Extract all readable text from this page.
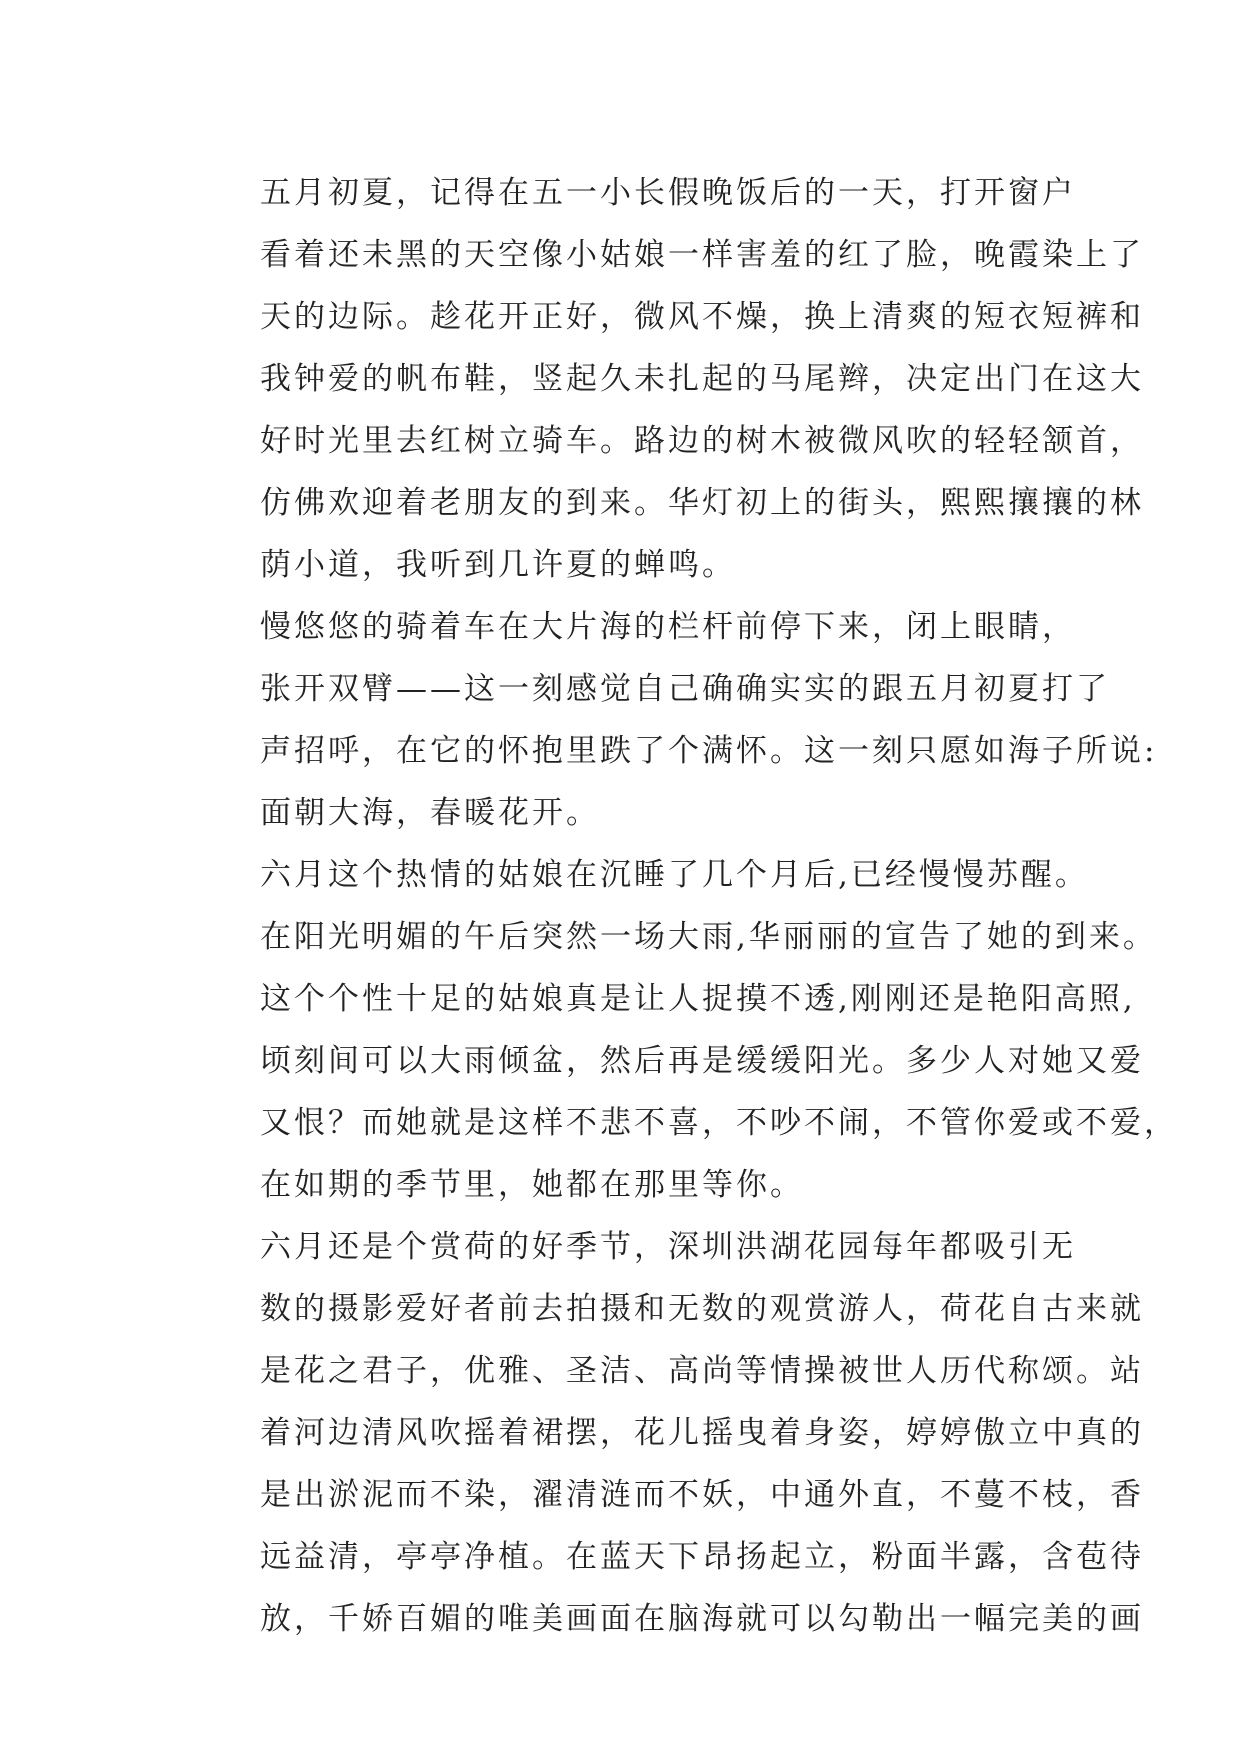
五月初夏，记得在五一小长假晚饭后的一天，打开窗户
看着还未黑的天空像小姑娘一样害羞的红了脸，晚霞染上了
天的边际。趁花开正好，微风不燥，换上清爽的短衣短裤和
我钟爱的帆布鞋，竖起久未扎起的马尾辫，决定出门在这大
好时光里去红树立骑车。路边的树木被微风吹的轻轻颔首，
仿佛欢迎着老朋友的到来。华灯初上的街头，熙熙攘攘的林
荫小道，我听到几许夏的蝉鸣。

慢悠悠的骑着车在大片海的栏杆前停下来，闭上眼睛，
张开双臂——这一刻感觉自己确确实实的跟五月初夏打了
声招呼，在它的怀抱里跌了个满怀。这一刻只愿如海子所说:
面朝大海，春暖花开。

六月这个热情的姑娘在沉睡了几个月后,已经慢慢苏醒。
在阳光明媚的午后突然一场大雨,华丽丽的宣告了她的到来。
这个个性十足的姑娘真是让人捉摸不透,刚刚还是艳阳高照,
顷刻间可以大雨倾盆，然后再是缓缓阳光。多少人对她又爱
又恨？而她就是这样不悲不喜，不吵不闹，不管你爱或不爱，
在如期的季节里，她都在那里等你。

六月还是个赏荷的好季节，深圳洪湖花园每年都吸引无
数的摄影爱好者前去拍摄和无数的观赏游人，荷花自古来就
是花之君子，优雅、圣洁、高尚等情操被世人历代称颂。站
着河边清风吹摇着裙摆，花儿摇曳着身姿，婷婷傲立中真的
是出淤泥而不染，濯清涟而不妖，中通外直，不蔓不枝，香
远益清，亭亭净植。在蓝天下昂扬起立，粉面半露，含苞待
放，千娇百媚的唯美画面在脑海就可以勾勒出一幅完美的画
